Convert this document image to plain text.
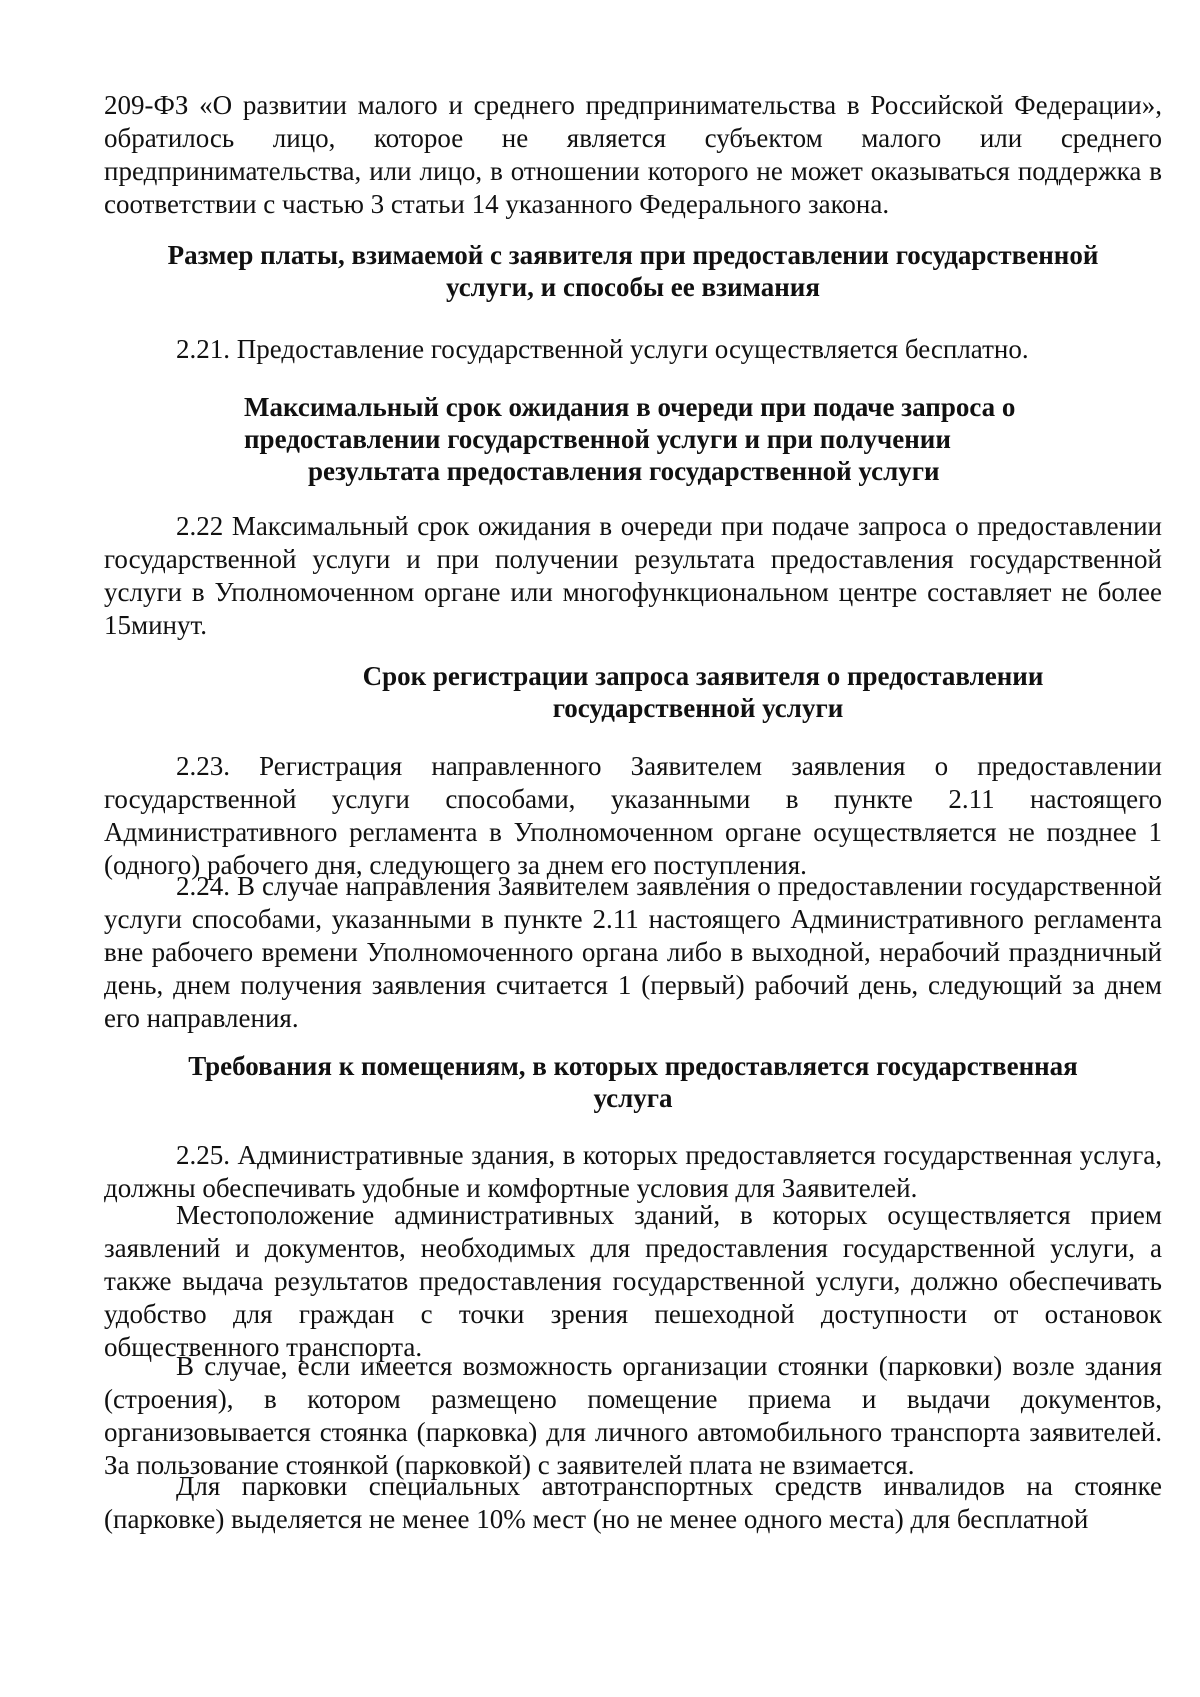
209-ФЗ «О развитии малого и среднего предпринимательства в Российской Федерации», обратилось лицо, которое не является субъектом малого или среднего предпринимательства, или лицо, в отношении которого не может оказываться поддержка в соответствии с частью 3 статьи 14 указанного Федерального закона.

Размер платы, взимаемой с заявителя при предоставлении государственной
услуги, и способы ее взимания

2.21. Предоставление государственной услуги осуществляется бесплатно.

Максимальный срок ожидания в очереди при подаче запроса о
предоставлении государственной услуги и при получении
результата предоставления государственной услуги

2.22 Максимальный срок ожидания в очереди при подаче запроса о предоставлении государственной услуги и при получении результата предоставления государственной услуги в Уполномоченном органе или многофункциональном центре составляет не более 15минут.

Срок регистрации запроса заявителя о предоставлении
государственной услуги

2.23. Регистрация направленного Заявителем заявления о предоставлении государственной услуги способами, указанными в пункте 2.11 настоящего Административного регламента в Уполномоченном органе осуществляется не позднее 1 (одного) рабочего дня, следующего за днем его поступления.

2.24. В случае направления Заявителем заявления о предоставлении государственной услуги способами, указанными в пункте 2.11 настоящего Административного регламента вне рабочего времени Уполномоченного органа либо в выходной, нерабочий праздничный день, днем получения заявления считается 1 (первый) рабочий день, следующий за днем его направления.

Требования к помещениям, в которых предоставляется государственная
услуга

2.25. Административные здания, в которых предоставляется государственная услуга, должны обеспечивать удобные и комфортные условия для Заявителей.

Местоположение административных зданий, в которых осуществляется прием заявлений и документов, необходимых для предоставления государственной услуги, а также выдача результатов предоставления государственной услуги, должно обеспечивать удобство для граждан с точки зрения пешеходной доступности от остановок общественного транспорта.

В случае, если имеется возможность организации стоянки (парковки) возле здания (строения), в котором размещено помещение приема и выдачи документов, организовывается стоянка (парковка) для личного автомобильного транспорта заявителей. За пользование стоянкой (парковкой) с заявителей плата не взимается.

Для парковки специальных автотранспортных средств инвалидов на стоянке (парковке) выделяется не менее 10% мест (но не менее одного места) для бесплатной
